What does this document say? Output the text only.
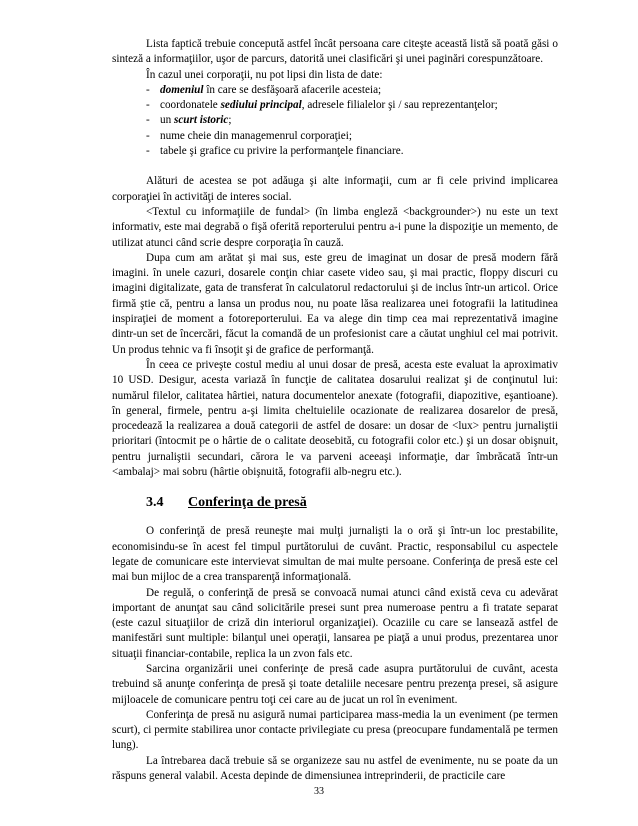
Lista faptică trebuie concepută astfel încât persoana care citeşte această listă să poată găsi o sinteză a informaţiilor, uşor de parcurs, datorită unei clasificări şi unei paginări corespunzătoare.

În cazul unei corporaţii, nu pot lipsi din lista de date:

- domeniul în care se desfăşoară afacerile acesteia;
- coordonatele sediului principal, adresele filialelor şi / sau reprezentanţelor;
- un scurt istoric;
- nume cheie din managemenrul corporaţiei;
- tabele şi grafice cu privire la performanţele financiare.

Alături de acestea se pot adăuga şi alte informaţii, cum ar fi cele privind implicarea corporaţiei în activităţi de interes social.

<Textul cu informaţiile de fundal> (în limba engleză <backgrounder>) nu este un text informativ, este mai degrabă o fişă oferită reporterului pentru a-i pune la dispoziţie un memento, de utilizat atunci când scrie despre corporaţia în cauză.

Dupa cum am arătat şi mai sus, este greu de imaginat un dosar de presă modern fără imagini. în unele cazuri, dosarele conţin chiar casete video sau, şi mai practic, floppy discuri cu imagini digitalizate, gata de transferat în calculatorul redactorului şi de inclus într-un articol. Orice firmă ştie că, pentru a lansa un produs nou, nu poate lăsa realizarea unei fotografii la latitudinea inspiraţiei de moment a fotoreporterului. Ea va alege din timp cea mai reprezentativă imagine dintr-un set de încercări, făcut la comandă de un profesionist care a căutat unghiul cel mai potrivit. Un produs tehnic va fi însoţit şi de grafice de performanţă.

În ceea ce priveşte costul mediu al unui dosar de presă, acesta este evaluat la aproximativ 10 USD. Desigur, acesta variază în funcţie de calitatea dosarului realizat şi de conţinutul lui: numărul filelor, calitatea hârtiei, natura documentelor anexate (fotografii, diapozitive, eşantioane). în general, firmele, pentru a-şi limita cheltuielile ocazionate de realizarea dosarelor de presă, procedează la realizarea a două categorii de astfel de dosare: un dosar de <lux> pentru jurnaliştii prioritari (întocmit pe o hârtie de o calitate deosebită, cu fotografii color etc.) şi un dosar obişnuit, pentru jurnaliştii secundari, cărora le va parveni aceeaşi informaţie, dar îmbrăcată într-un <ambalaj> mai sobru (hârtie obişnuită, fotografii alb-negru etc.).

3.4 Conferinţa de presă

O conferinţă de presă reuneşte mai mulţi jurnalişti la o oră şi într-un loc prestabilite, economisindu-se în acest fel timpul purtătorului de cuvânt. Practic, responsabilul cu aspectele legate de comunicare este intervievat simultan de mai multe persoane. Conferinţa de presă este cel mai bun mijloc de a crea transparenţă informaţională.

De regulă, o conferinţă de presă se convoacă numai atunci când există ceva cu adevărat important de anunţat sau când solicitările presei sunt prea numeroase pentru a fi tratate separat (este cazul situaţiilor de criză din interiorul organizaţiei). Ocaziile cu care se lansează astfel de manifestări sunt multiple: bilanţul unei operaţii, lansarea pe piaţă a unui produs, prezentarea unor situaţii financiar-contabile, replica la un zvon fals etc.

Sarcina organizării unei conferinţe de presă cade asupra purtătorului de cuvânt, acesta trebuind să anunţe conferinţa de presă şi toate detaliile necesare pentru prezenţa presei, să asigure mijloacele de comunicare pentru toţi cei care au de jucat un rol în eveniment.

Conferinţa de presă nu asigură numai participarea mass-media la un eveniment (pe termen scurt), ci permite stabilirea unor contacte privilegiate cu presa (preocupare fundamentală pe termen lung).

La întrebarea dacă trebuie să se organizeze sau nu astfel de evenimente, nu se poate da un răspuns general valabil. Acesta depinde de dimensiunea intreprinderii, de practicile care

33
